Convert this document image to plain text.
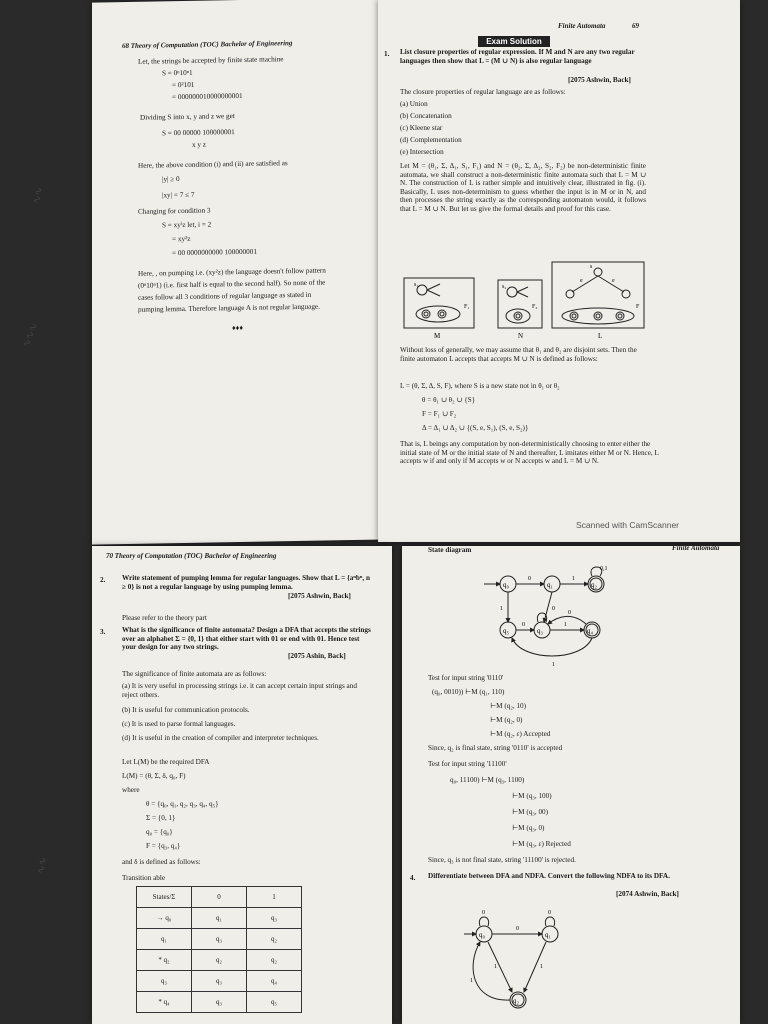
68 Theory of Computation (TOC) Bachelor of Engineering
Let, the strings be accepted by finite state machine
S = 0ⁿ10ⁿ1
= 0²101
= 000000010000000001
Dividing S into x, y and z we get
S = 00 00000 100000001
x y z
Here, the above condition (i) and (ii) are satisfied as
|y| ≥ 0
|xy| = 7 ≤ 7
Changing for condition 3
S = xyⁱz let, i = 2
= xy²z
= 00 0000000000 100000001
Here, , on pumping i.e. (xy²z) the language doesn't follow pattern
(0ⁿ10ⁿ1) (i.e. first half is equal to the second half). So none of the
cases follow all 3 conditions of regular language as stated in
pumping lemma. Therefore language A is not regular language.
♦♦♦
Finite Automata	69
Exam Solution
1. List closure properties of regular expression. If M and N are any two regular languages then show that L = (M ∪ N) is also regular language
[2075 Ashwin, Back]
The closure properties of regular language are as follows:
(a) Union
(b) Concatenation
(c) Kleene star
(d) Complementation
(e) Intersection
Let M = (θ₁, Σ, Δ₁, S₁, F₁) and N = (θ₂, Σ, Δ₂, S₂, F₂) be non-deterministic finite automata, we shall construct a non-deterministic finite automata such that L = M ∪ N. The construction of L is rather simple and intuitively clear, illustrated in fig. (i). Basically, L uses non-determinism to guess whether the input is in M or in N, and then processes the string exactly as the corresponding automaton would, it follows that L = M ∪ N. But let us give the formal details and proof for this case.
s₁
F₁
M
s₂
F₂
N
s
e	e
F
L
Without loss of generally, we may assume that θ₁ and θ₂ are disjoint sets. Then the finite automaton L accepts that accepts M ∪ N is defined as follows:
L = (θ, Σ, Δ, S, F), where S is a new state not in θ₁ or θ₂
θ = θ₁ ∪ θ₂ ∪ {S}
F = F₁ ∪ F₂
Δ = Δ₁ ∪ Δ₂ ∪ {(S, e, S₁), (S, e, S₂)}
That is, L beings any computation by non-deterministically choosing to enter either the initial state of M or the initial state of N and thereafter, L imitates either M or N. Hence, L accepts w if and only if M accepts w or N accepts w and L = M ∪ N.
Scanned with CamScanner
70 Theory of Computation (TOC) Bachelor of Engineering
2. Write statement of pumping lemma for regular languages. Show that L = {aⁿbⁿ, n ≥ 0} is not a regular language by using pumping lemma.
[2075 Ashwin, Back]
Please refer to the theory part
3. What is the significance of finite automata? Design a DFA that accepts the strings over an alphabet Σ = {0, 1} that either start with 01 or end with 01. Hence test your design for any two strings.
[2075 Ashin, Back]
The significance of finite automata are as follows:
(a) It is very useful in processing strings i.e. it can accept certain input strings and reject others.
(b) It is useful for communication protocols.
(c) It is used to parse formal languages.
(d) It is useful in the creation of compiler and interpreter techniques.
Let L(M) be the required DFA
L(M) = (θ, Σ, δ, q₀, F)
where
θ = {q₀, q₁, q₂, q₃, q₄, q₅}
Σ = {0, 1}
q₀ = {q₀}
F = {q₃, q₄}
and δ is defined as follows:
Transition able
States/Σ	0	1
→ q₀	q₁	q₃
q₁	q₃	q₂
* q₂	q₂	q₂
q₃	q₃	q₄
* q₄	q₃	q₅
State diagram	Finite Automata
q₀
0
q₁
1
q₂
0,1
1	0
q₅	q₃
1
q₄
0
1
0
Test for input string '0110'
(q₀, 0010)) ⊢M (q₁, 110)
⊢M (q₂, 10)
⊢M (q₂, 0)
⊢M (q₂, ε) Accepted
Since, q₂ is final state, string '0110' is accepted
Test for input string '11100'
q₀, 11100) ⊢M (q₃, 1100)
⊢M (q₃, 100)
⊢M (q₃, 00)
⊢M (q₃, 0)
⊢M (q₃, ε) Rejected
Since, q₃ is not final state, string '11100' is rejected.
4. Differentiate between DFA and NDFA. Convert the following NDFA to its DFA.
[2074 Ashwin, Back]
q₀
0
0
q₁
0
1
1
1
q₂
∿∿
∿∿∿
∿∿
